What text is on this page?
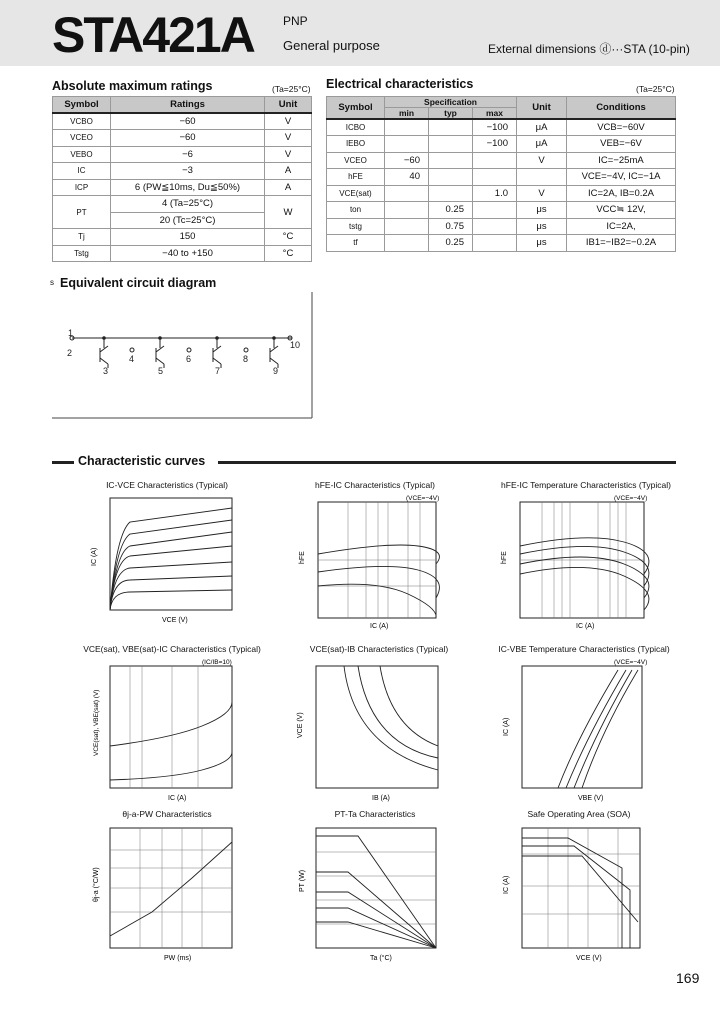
STA421A PNP
General purpose	External dimensions ⓓ···STA (10-pin)
Absolute maximum ratings	(Ta=25°C)
Symbol	Ratings	Unit
VCBO	−60	V
VCEO	−60	V
VEBO	−6	V
IC	−3	A
ICP	6 (PW≦10ms, Du≦50%)	A
PT	4 (Ta=25°C)	W
	20 (Tc=25°C)	
Tj	150	°C
Tstg	−40 to +150	°C
Electrical characteristics	(Ta=25°C)
Symbol	Specification			Unit	Conditions
	min	typ	max		
ICBO			−100	μA	VCB=−60V
IEBO			−100	μA	VEB=−6V
VCEO	−60			V	IC=−25mA
hFE	40				VCE=−4V, IC=−1A
VCE(sat)			1.0	V	IC=2A, IB=0.2A
ton		0.25		μs	VCC≒ 12V,
tstg		0.75		μs	IC=2A,
tf		0.25		μs	IB1=−IB2=−0.2A
s Equivalent circuit diagram
1
2
3
4
5
6
7
8
9
10
Characteristic curves
IC-VCE Characteristics (Typical)	hFE-IC Characteristics (Typical)	hFE-IC Temperature Characteristics (Typical)
VCE(sat), VBE(sat)-IC Characteristics (Typical)	VCE(sat)-IB Characteristics (Typical)	IC-VBE Temperature Characteristics (Typical)
θj-a-PW Characteristics	PT-Ta Characteristics	Safe Operating Area (SOA)
IC (A)
VCE (V)
(VCE=−4V)
hFE
IC (A)
(VCE=−4V)
hFE
IC (A)
(IC/IB=10)
VCE(sat), VBE(sat) (V)
IC (A)
VCE (V)
IB (A)
(VCE=−4V)
IC (A)
VBE (V)
θj-a (°C/W)
PW (ms)
PT (W)
Ta (°C)
IC (A)
VCE (V)
169
